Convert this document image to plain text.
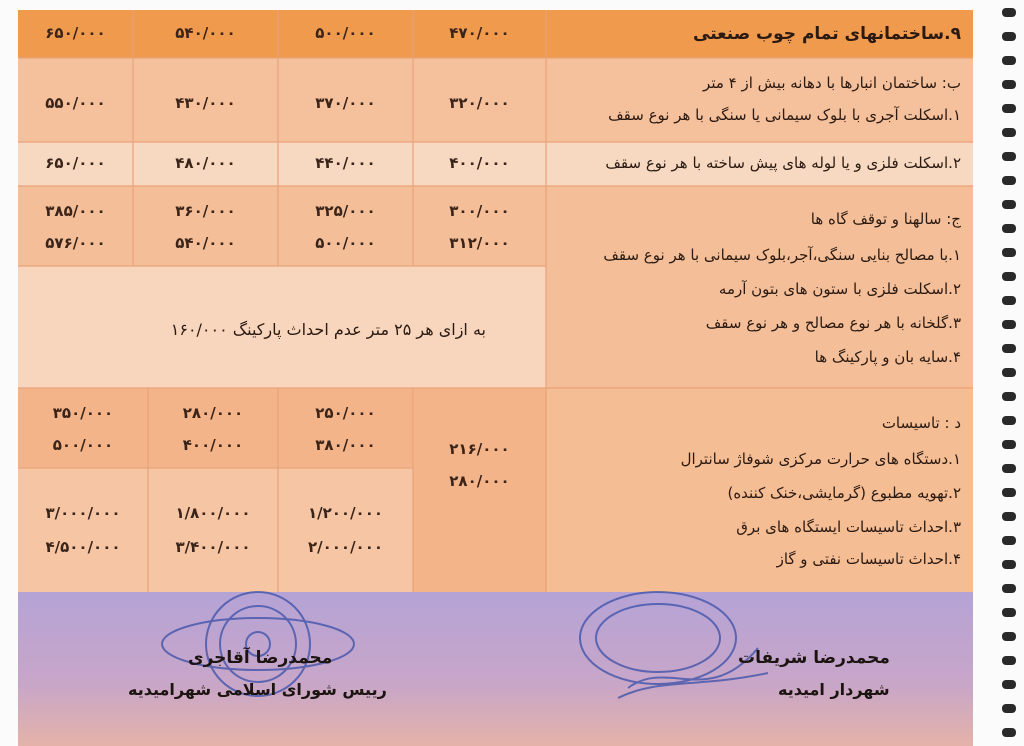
۹.ساختمانهای تمام چوب صنعتی
۴۷۰/۰۰۰
۵۰۰/۰۰۰
۵۴۰/۰۰۰
۶۵۰/۰۰۰
ب: ساختمان انبارها با دهانه بیش از ۴ متر
۱.اسکلت آجری با بلوک سیمانی یا سنگی با هر نوع سقف
۳۲۰/۰۰۰
۳۷۰/۰۰۰
۴۳۰/۰۰۰
۵۵۰/۰۰۰
۲.اسکلت فلزی و یا لوله های پیش ساخته با هر نوع سقف
۴۰۰/۰۰۰
۴۴۰/۰۰۰
۴۸۰/۰۰۰
۶۵۰/۰۰۰
ج: سالهنا و توقف گاه ها
۱.با مصالح بنایی سنگی،آجر،بلوک سیمانی با هر نوع سقف
۲.اسکلت فلزی با ستون های بتون آرمه
۳.گلخانه با هر نوع مصالح و هر نوع سقف
۴.سایه بان و پارکینگ ها
۳۰۰/۰۰۰
۳۲۵/۰۰۰
۳۶۰/۰۰۰
۳۸۵/۰۰۰
۳۱۲/۰۰۰
۵۰۰/۰۰۰
۵۴۰/۰۰۰
۵۷۶/۰۰۰
به ازای هر ۲۵ متر عدم احداث پارکینگ ۱۶۰/۰۰۰
د : تاسیسات
۱.دستگاه های حرارت مرکزی شوفاژ سانترال
۲.تهویه مطبوع (گرمایشی،خنک کننده)
۳.احداث تاسیسات ایستگاه های برق
۴.احداث تاسیسات نفتی و گاز
۲۱۶/۰۰۰
۲۸۰/۰۰۰
۲۵۰/۰۰۰
۳۸۰/۰۰۰
۲۸۰/۰۰۰
۴۰۰/۰۰۰
۳۵۰/۰۰۰
۵۰۰/۰۰۰
۱/۲۰۰/۰۰۰
۲/۰۰۰/۰۰۰
۱/۸۰۰/۰۰۰
۳/۴۰۰/۰۰۰
۳/۰۰۰/۰۰۰
۴/۵۰۰/۰۰۰
محمدرضا آقاجری
رییس شورای اسلامی شهرامیدیه
محمدرضا شریفات
شهردار امیدیه
